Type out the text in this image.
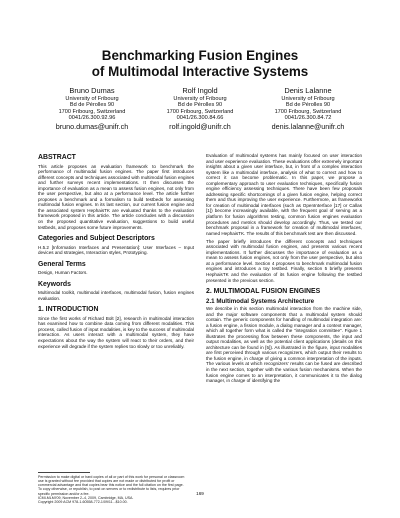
Benchmarking Fusion Engines
of Multimodal Interactive Systems
Bruno Dumas
University of Fribourg
Bd de Pérolles 90
1700 Fribourg, Switzerland
0041/26.300.92.96
bruno.dumas@unifr.ch
Rolf Ingold
University of Fribourg
Bd de Pérolles 90
1700 Fribourg, Switzerland
0041/26.300.84.66
rolf.ingold@unifr.ch
Denis Lalanne
University of Fribourg
Bd de Pérolles 90
1700 Fribourg, Switzerland
0041/26.300.84.72
denis.lalanne@unifr.ch
ABSTRACT

This article proposes an evaluation framework to benchmark the performance of multimodal fusion engines. The paper first introduces different concepts and techniques associated with multimodal fusion engines and further surveys recent implementations. It then discusses the importance of evaluation as a mean to assess fusion engines, not only from the user perspective, but also at a performance level. The article further proposes a benchmark and a formalism to build testbeds for assessing multimodal fusion engines. In its last section, our current fusion engine and the associated system HephaisTK are evaluated thanks to the evaluation framework proposed in this article. The article concludes with a discussion on the proposed quantitative evaluation, suggestions to build useful testbeds, and proposes some future improvements.

Categories and Subject Descriptors

H.5.2 [Information Interfaces and Presentation]: User Interfaces – Input devices and strategies, Interaction styles, Prototyping.

General Terms

Design, Human Factors.

Keywords

Multimodal toolkit, multimodal interfaces, multimodal fusion, fusion engines evaluation.

1. INTRODUCTION

Since the first works of Richard Bolt [2], research in multimodal interaction has examined how to combine data coming from different modalities. This process, called fusion of input modalities, is key to the success of multimodal interaction. As users interact with a multimodal system, they have expectations about the way the system will react to their orders, and their experience will degrade if the system replies too slowly or too unreliably.

Permission to make digital or hard copies of all or part of this work for personal or classroom use is granted without fee provided that copies are not made or distributed for profit or commercial advantage and that copies bear this notice and the full citation on the first page. To copy otherwise, or republish, to post on servers or to redistribute to lists, requires prior specific permission and/or a fee.
ICMI-MLMI'09, November 2–4, 2009, Cambridge, MA, USA.
Copyright 2009 ACM 978-1-60558-772-1/09/11...$10.00.

Evaluation of multimodal systems has mainly focused on user interaction and user experience evaluation. These evaluations offer extremely important insights about a given user interface, but, in front of a complex interaction system like a multimodal interface, analysis of what to correct and how to correct it can become problematic. In this paper, we propose a complementary approach to user evaluation techniques, specifically fusion engine efficiency assessing techniques. There have been few proposals addressing specific shortcomings of a given fusion engine, helping correct them and thus improving the user experience. Furthermore, as frameworks for creation of multimodal interfaces (such as OpenInterface [17] or Callas [1]) become increasingly available, with the frequent goal of serving as a platform for fusion algorithms testing, common fusion engines evaluation procedures and metrics should develop accordingly. Thus, we tested our benchmark proposal in a framework for creation of multimodal interfaces, named HephaisTK. The results of this benchmark test are then discussed.

The paper briefly introduces the different concepts and techniques associated with multimodal fusion engines, and presents various recent implementations. It further discusses the importance of evaluation as a mean to assess fusion engines, not only from the user perspective, but also at a performance level. Section 4 proposes to benchmark multimodal fusion engines and introduces a toy testbed. Finally, section 5 briefly presents HephaisTK and the evaluation of its fusion engine following the testbed presented in the previous section.

2. MULTIMODAL FUSION ENGINES
2.1 Multimodal Systems Architecture

We describe in this section multimodal interaction from the machine side, and the major software components that a multimodal system should contain. The generic components for handling of multimodal integration are: a fusion engine, a fission module, a dialog manager and a context manager, which all together form what is called the “integration committee”. Figure 1 illustrates the processing flow between these components, the input and output modalities, as well as the potential client applications (details on this architecture can be found in [5]). As illustrated in the figure, input modalities are first perceived through various recognizers, which output their results to the fusion engine, in charge of giving a common interpretation of the inputs. The various levels at which recognizers’ results can be fused are described in the next section, together with the various fusion mechanisms. When the fusion engine comes to an interpretation, it communicates it to the dialog manager, in charge of identifying the

169
